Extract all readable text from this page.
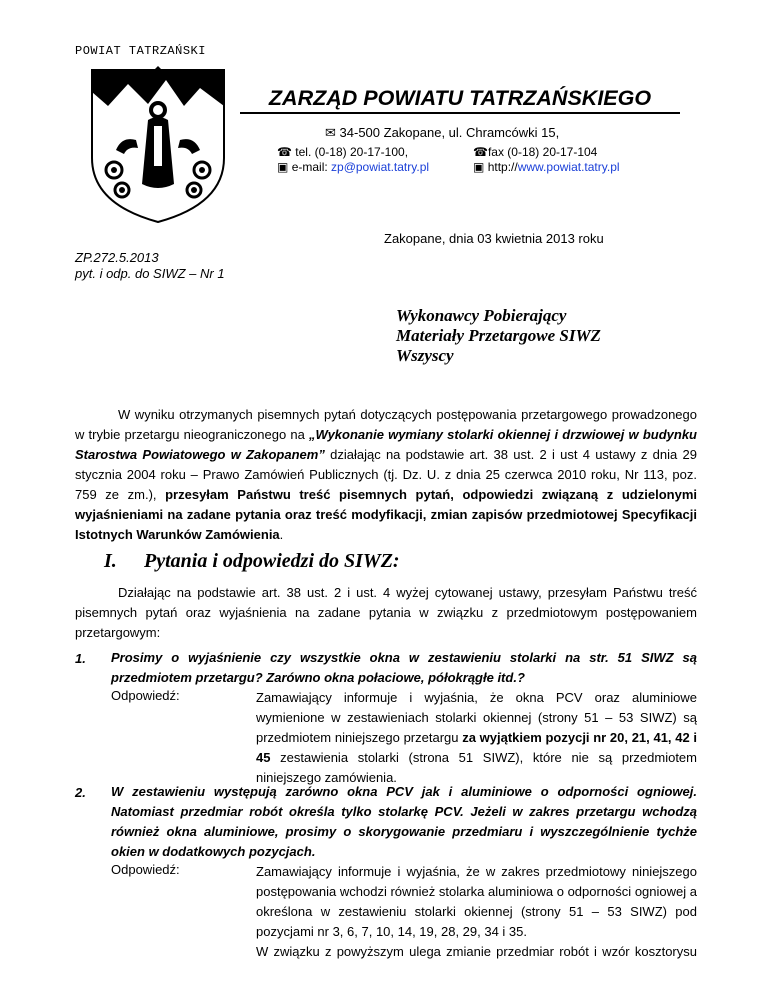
POWIAT TATRZAŃSKI
ZARZĄD POWIATU TATRZAŃSKIEGO
✉ 34-500 Zakopane, ul. Chramcówki 15,
☎ tel. (0-18) 20-17-100,
▣ e-mail: zp@powiat.tatry.pl
☎fax (0-18) 20-17-104
▣ http://www.powiat.tatry.pl
Zakopane, dnia 03 kwietnia 2013 roku
ZP.272.5.2013
pyt. i odp. do SIWZ – Nr 1
Wykonawcy Pobierający
Materiały Przetargowe SIWZ
Wszyscy
W wyniku otrzymanych pisemnych pytań dotyczących postępowania przetargowego prowadzonego w trybie przetargu nieograniczonego na „Wykonanie wymiany stolarki okiennej i drzwiowej w budynku Starostwa Powiatowego w Zakopanem” działając na podstawie art. 38 ust. 2 i ust 4 ustawy z dnia 29 stycznia 2004 roku – Prawo Zamówień Publicznych (tj. Dz. U. z dnia 25 czerwca 2010 roku, Nr 113, poz. 759 ze zm.), przesyłam Państwu treść pisemnych pytań, odpowiedzi związaną z udzielonymi wyjaśnieniami na zadane pytania oraz treść modyfikacji, zmian zapisów przedmiotowej Specyfikacji Istotnych Warunków Zamówienia.
I. Pytania i odpowiedzi do SIWZ:
Działając na podstawie art. 38 ust. 2 i ust. 4 wyżej cytowanej ustawy, przesyłam Państwu treść pisemnych pytań oraz wyjaśnienia na zadane pytania w związku z przedmiotowym postępowaniem przetargowym:
1. Prosimy o wyjaśnienie czy wszystkie okna w zestawieniu stolarki na str. 51 SIWZ są przedmiotem przetargu? Zarówno okna połaciowe, półokrągłe itd.?
Odpowiedź:	Zamawiający informuje i wyjaśnia, że okna PCV oraz aluminiowe wymienione w zestawieniach stolarki okiennej (strony 51 – 53 SIWZ) są przedmiotem niniejszego przetargu za wyjątkiem pozycji nr 20, 21, 41, 42 i 45 zestawienia stolarki (strona 51 SIWZ), które nie są przedmiotem niniejszego zamówienia.
2. W zestawieniu występują zarówno okna PCV jak i aluminiowe o odporności ogniowej. Natomiast przedmiar robót określa tylko stolarkę PCV. Jeżeli w zakres przetargu wchodzą również okna aluminiowe, prosimy o skorygowanie przedmiaru i wyszczególnienie tychże okien w dodatkowych pozycjach.
Odpowiedź:	Zamawiający informuje i wyjaśnia, że w zakres przedmiotowy niniejszego postępowania wchodzi również stolarka aluminiowa o odporności ogniowej a określona w zestawieniu stolarki okiennej (strony 51 – 53 SIWZ) pod pozycjami nr 3, 6, 7, 10, 14, 19, 28, 29, 34 i 35.
W związku z powyższym ulega zmianie przedmiar robót i wzór kosztorysu
